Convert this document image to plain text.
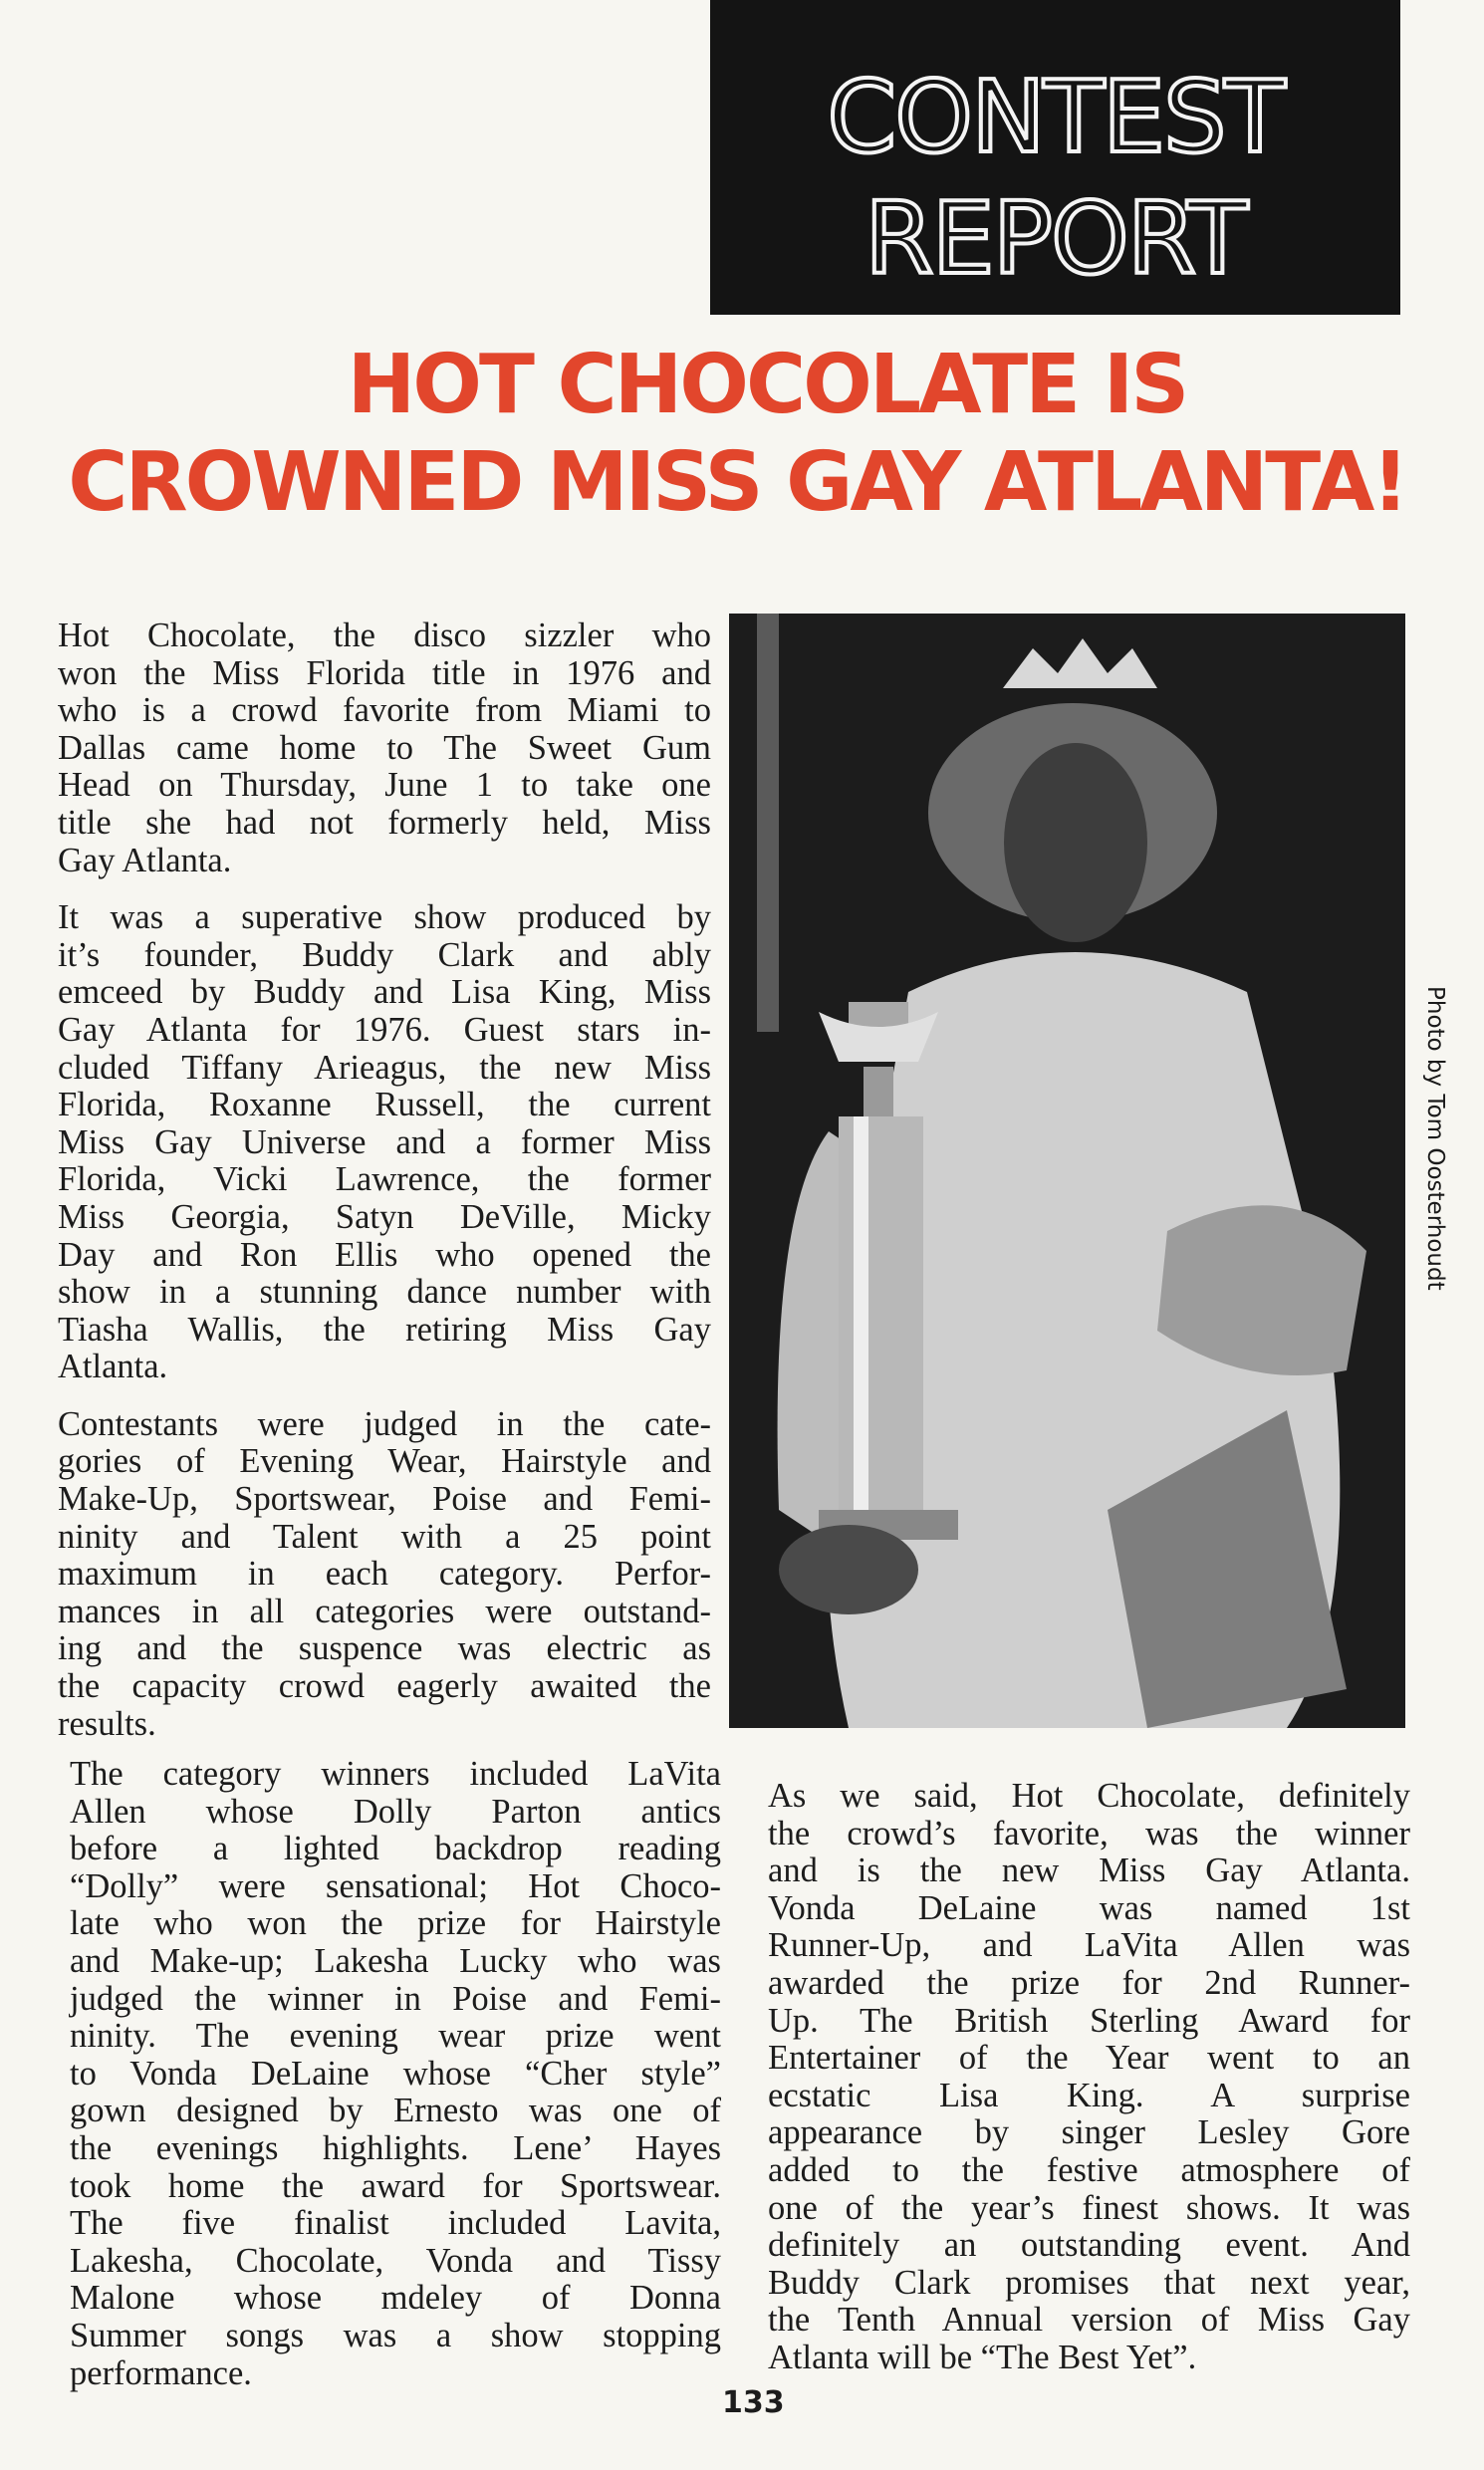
CONTEST
REPORT
HOT CHOCOLATE IS
CROWNED MISS GAY ATLANTA!
Hot Chocolate, the disco sizzler who
won the Miss Florida title in 1976 and
who is a crowd favorite from Miami to
Dallas came home to The Sweet Gum
Head on Thursday, June 1 to take one
title she had not formerly held, Miss
Gay Atlanta.
It was a superative show produced by
it’s founder, Buddy Clark and ably
emceed by Buddy and Lisa King, Miss
Gay Atlanta for 1976. Guest stars in-
cluded Tiffany Arieagus, the new Miss
Florida, Roxanne Russell, the current
Miss Gay Universe and a former Miss
Florida, Vicki Lawrence, the former
Miss Georgia, Satyn DeVille, Micky
Day and Ron Ellis who opened the
show in a stunning dance number with
Tiasha Wallis, the retiring Miss Gay
Atlanta.
Contestants were judged in the cate-
gories of Evening Wear, Hairstyle and
Make-Up, Sportswear, Poise and Femi-
ninity and Talent with a 25 point
maximum in each category. Perfor-
mances in all categories were outstand-
ing and the suspence was electric as
the capacity crowd eagerly awaited the
results.
Photo by Tom Oosterhoudt
The category winners included LaVita
Allen whose Dolly Parton antics
before a lighted backdrop reading
“Dolly” were sensational; Hot Choco-
late who won the prize for Hairstyle
and Make-up; Lakesha Lucky who was
judged the winner in Poise and Femi-
ninity. The evening wear prize went
to Vonda DeLaine whose “Cher style”
gown designed by Ernesto was one of
the evenings highlights. Lene’ Hayes
took home the award for Sportswear.
The five finalist included Lavita,
Lakesha, Chocolate, Vonda and Tissy
Malone whose mdeley of Donna
Summer songs was a show stopping
performance.
As we said, Hot Chocolate, definitely
the crowd’s favorite, was the winner
and is the new Miss Gay Atlanta.
Vonda DeLaine was named 1st
Runner-Up, and LaVita Allen was
awarded the prize for 2nd Runner-
Up. The British Sterling Award for
Entertainer of the Year went to an
ecstatic Lisa King. A surprise
appearance by singer Lesley Gore
added to the festive atmosphere of
one of the year’s finest shows. It was
definitely an outstanding event. And
Buddy Clark promises that next year,
the Tenth Annual version of Miss Gay
Atlanta will be “The Best Yet”.
133
